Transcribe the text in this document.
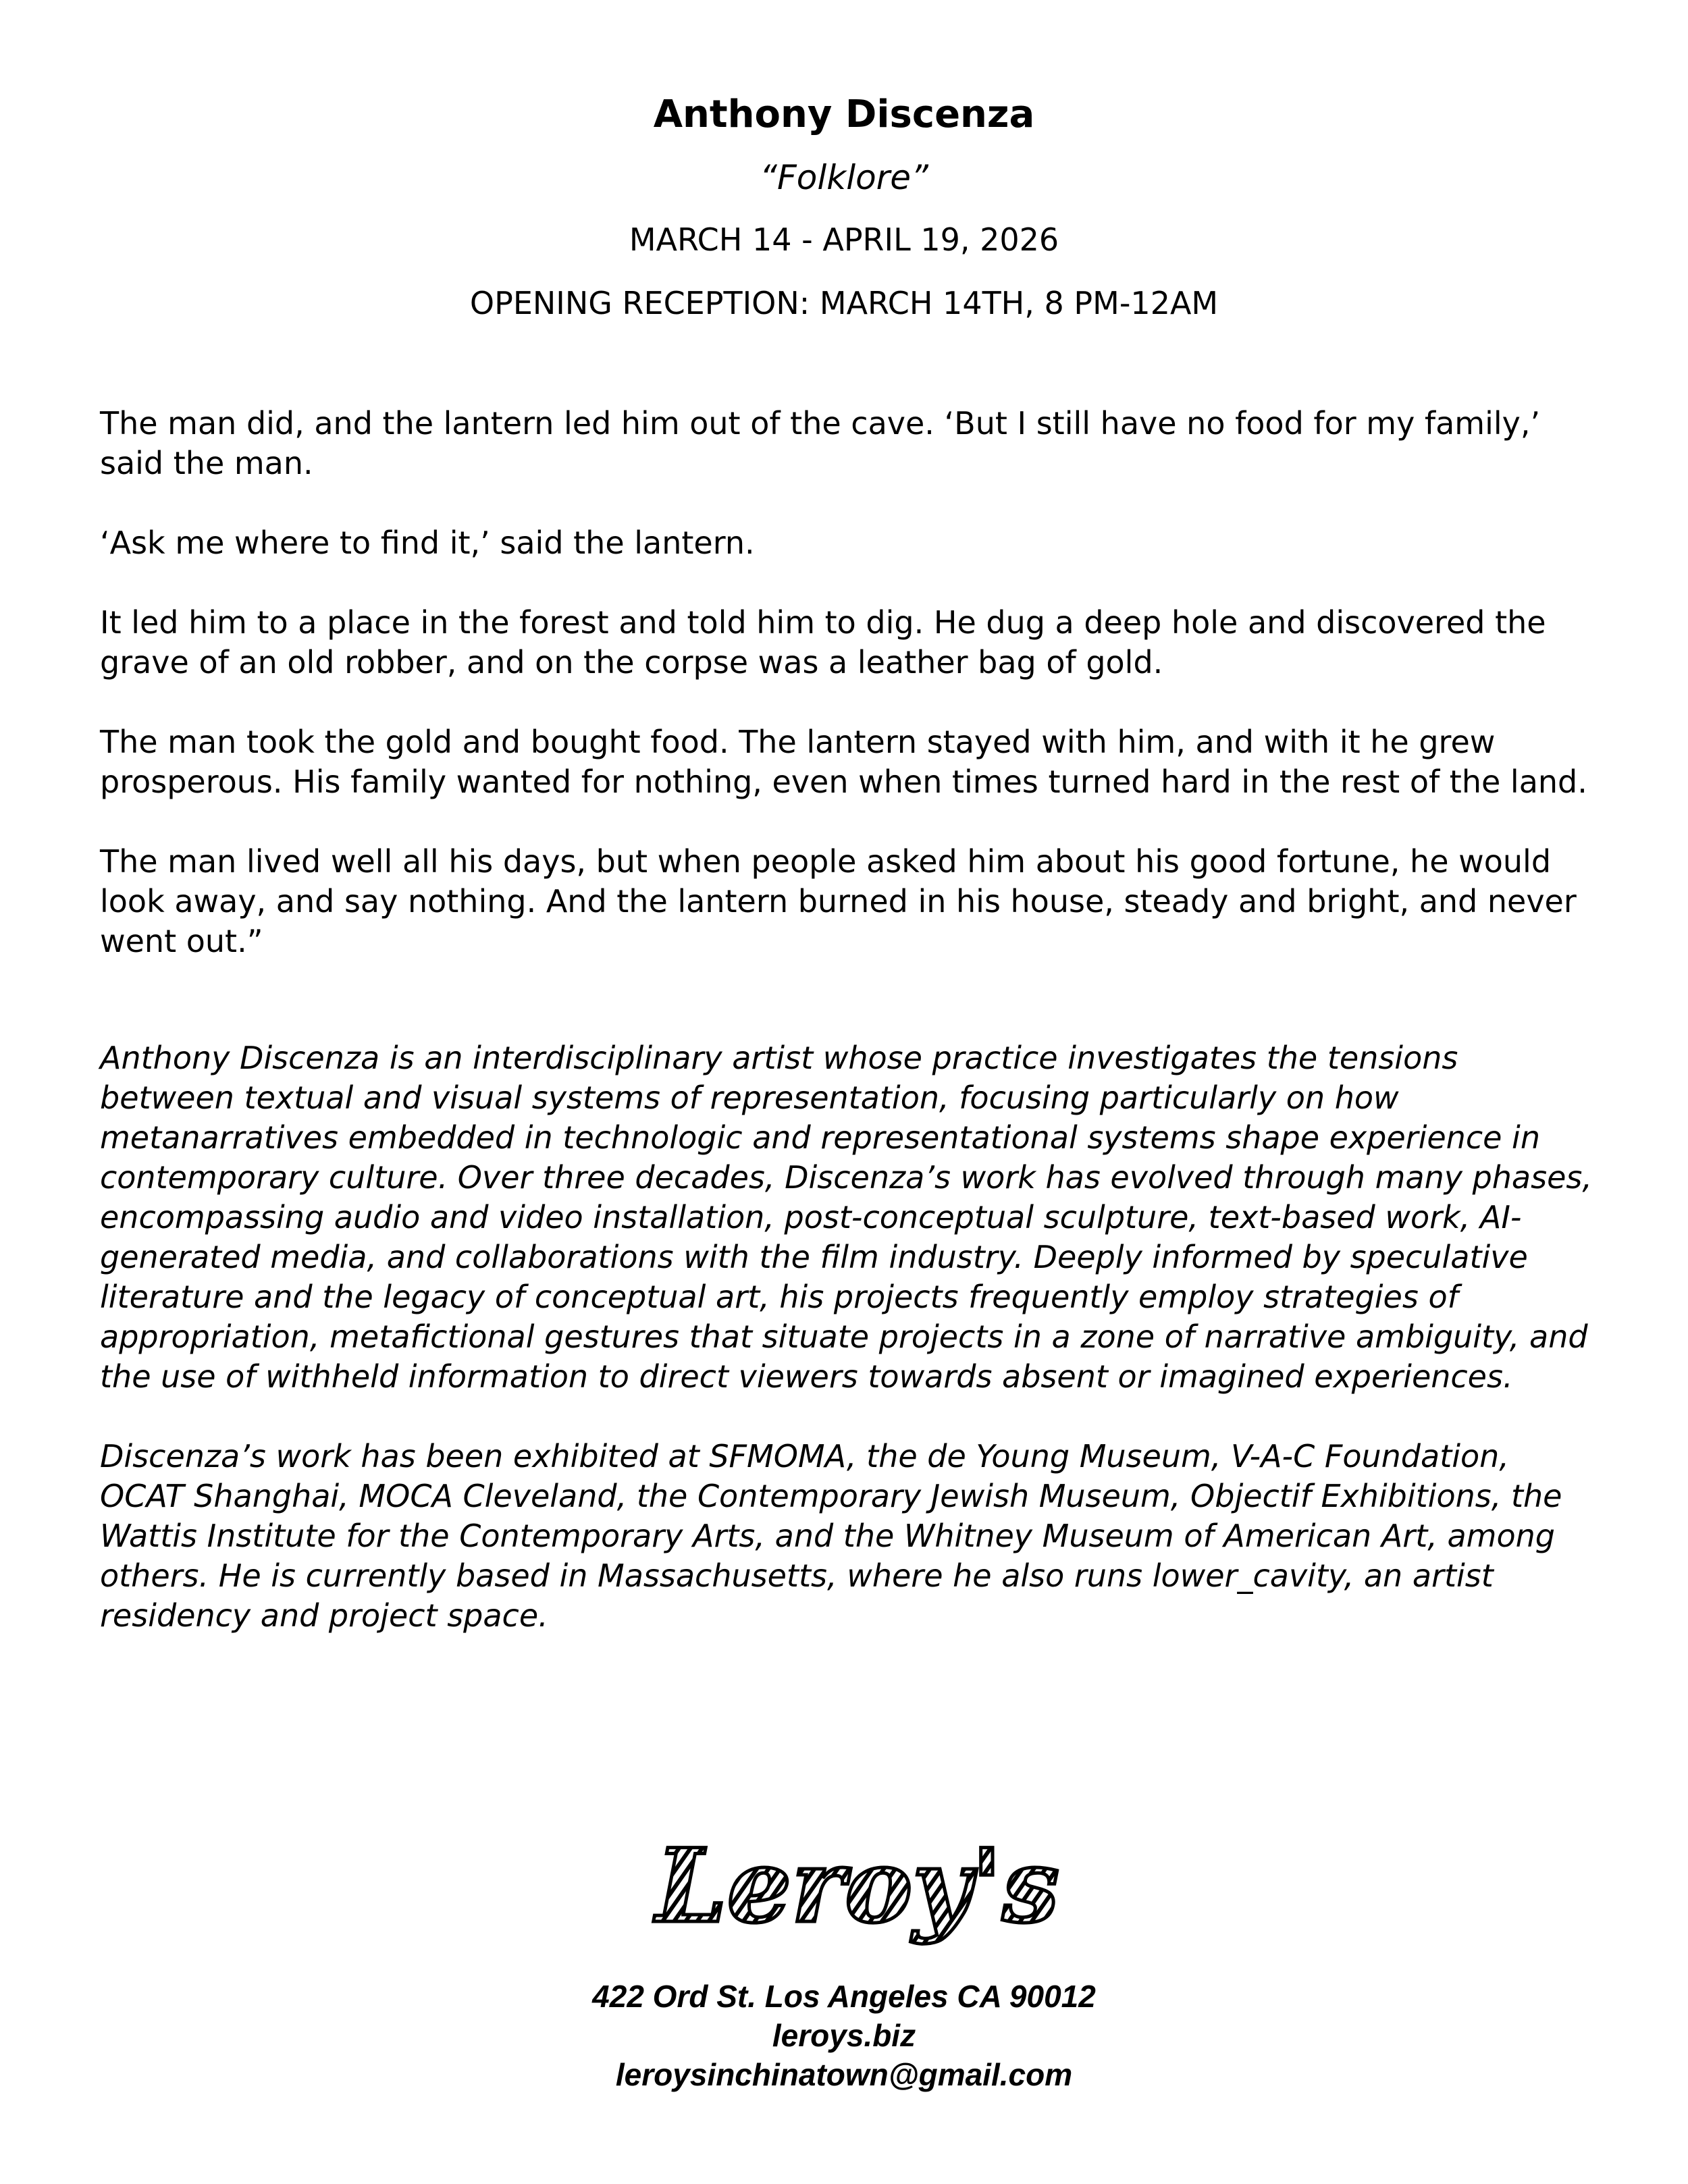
Anthony Discenza
“Folklore”
MARCH 14 - APRIL 19, 2026
OPENING RECEPTION: MARCH 14TH, 8 PM-12AM

The man did, and the lantern led him out of the cave. ‘But I still have no food for my family,’ said the man.

‘Ask me where to find it,’ said the lantern.

It led him to a place in the forest and told him to dig. He dug a deep hole and discovered the grave of an old robber, and on the corpse was a leather bag of gold.

The man took the gold and bought food. The lantern stayed with him, and with it he grew prosperous. His family wanted for nothing, even when times turned hard in the rest of the land.

The man lived well all his days, but when people asked him about his good fortune, he would look away, and say nothing. And the lantern burned in his house, steady and bright, and never went out.”

Anthony Discenza is an interdisciplinary artist whose practice investigates the tensions between textual and visual systems of representation, focusing particularly on how metanarratives embedded in technologic and representational systems shape experience in contemporary culture. Over three decades, Discenza’s work has evolved through many phases, encompassing audio and video installation, post-conceptual sculpture, text-based work, AI-generated media, and collaborations with the film industry. Deeply informed by speculative literature and the legacy of conceptual art, his projects frequently employ strategies of appropriation, metafictional gestures that situate projects in a zone of narrative ambiguity, and the use of withheld information to direct viewers towards absent or imagined experiences.

Discenza’s work has been exhibited at SFMOMA, the de Young Museum, V-A-C Foundation, OCAT Shanghai, MOCA Cleveland, the Contemporary Jewish Museum, Objectif Exhibitions, the Wattis Institute for the Contemporary Arts, and the Whitney Museum of American Art, among others. He is currently based in Massachusetts, where he also runs lower_cavity, an artist residency and project space.

Leroy's
422 Ord St. Los Angeles CA 90012
leroys.biz
leroysinchinatown@gmail.com
